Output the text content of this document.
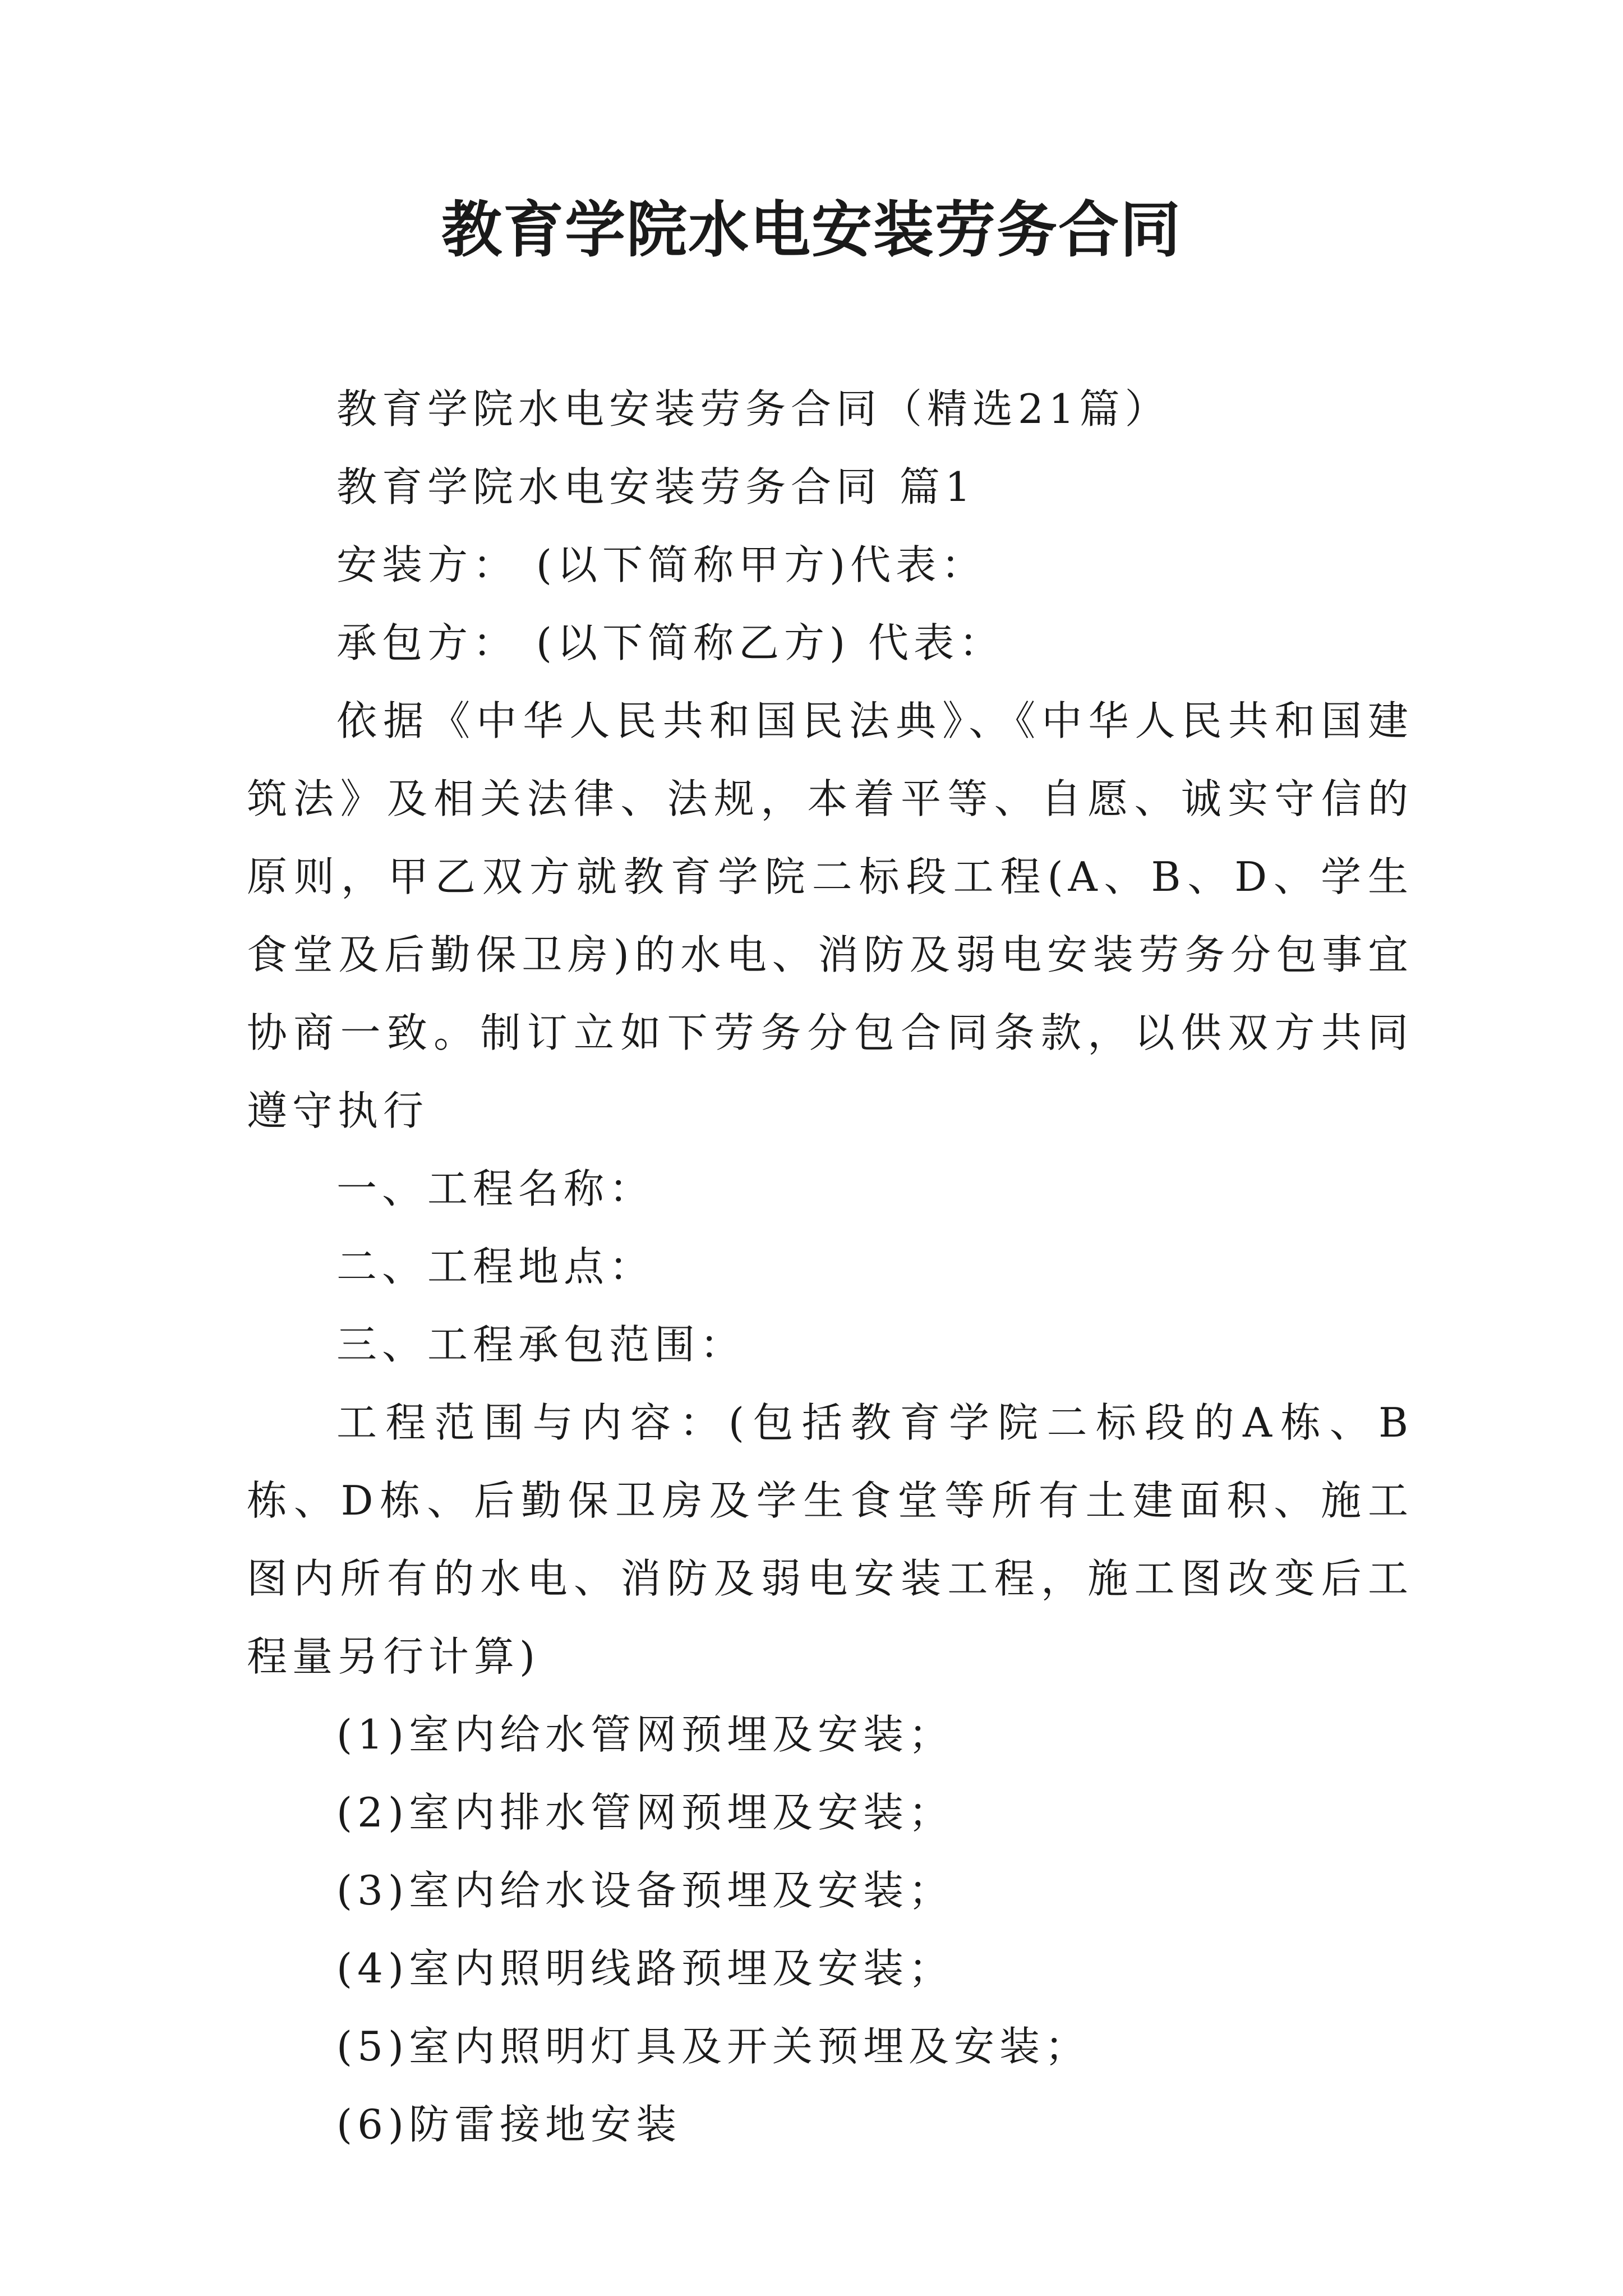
教育学院水电安装劳务合同

教育学院水电安装劳务合同（精选21篇）

教育学院水电安装劳务合同 篇1

安装方： (以下简称甲方)代表：

承包方： (以下简称乙方) 代表：

依据《中华人民共和国民法典》、《中华人民共和国建筑法》及相关法律、法规，本着平等、自愿、诚实守信的原则，甲乙双方就教育学院二标段工程(A、B、D、学生食堂及后勤保卫房)的水电、消防及弱电安装劳务分包事宜协商一致。制订立如下劳务分包合同条款，以供双方共同遵守执行

一、工程名称：

二、工程地点：

三、工程承包范围：

工程范围与内容：(包括教育学院二标段的A栋、B栋、D栋、后勤保卫房及学生食堂等所有土建面积、施工图内所有的水电、消防及弱电安装工程，施工图改变后工程量另行计算)

(1)室内给水管网预埋及安装；

(2)室内排水管网预埋及安装；

(3)室内给水设备预埋及安装；

(4)室内照明线路预埋及安装；

(5)室内照明灯具及开关预埋及安装；

(6)防雷接地安装
